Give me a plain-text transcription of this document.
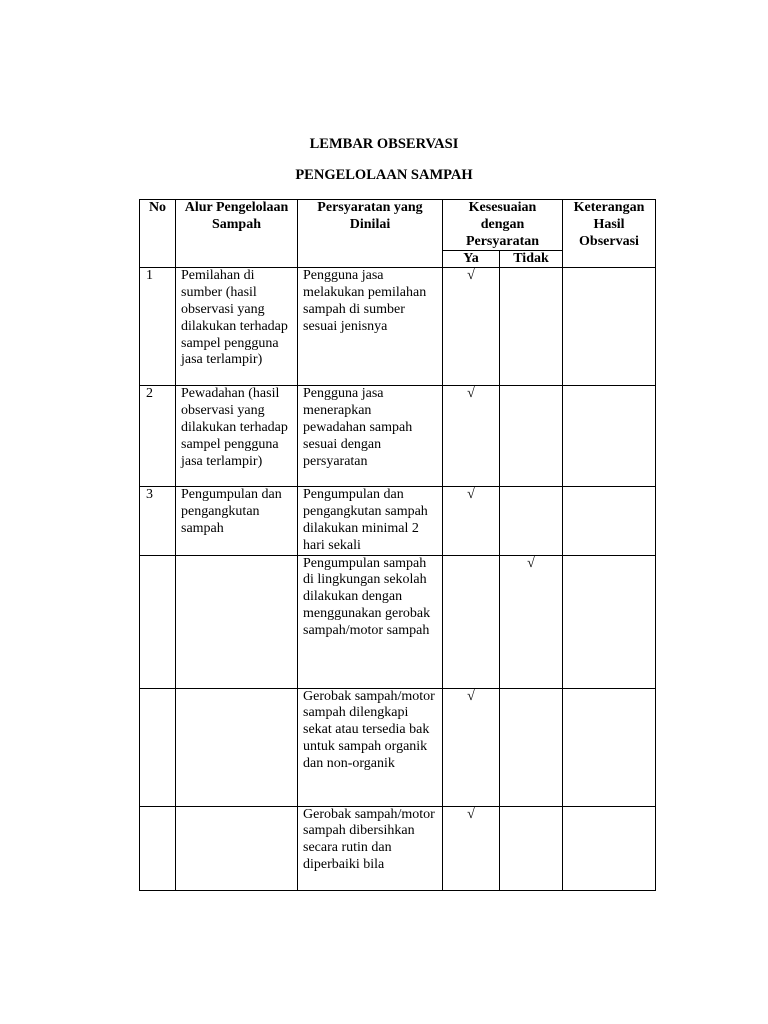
LEMBAR OBSERVASI
PENGELOLAAN SAMPAH
No	Alur Pengelolaan Sampah	Persyaratan yang Dinilai	Kesesuaian dengan Persyaratan		Keterangan Hasil Observasi
			Ya	Tidak	
1	Pemilahan di sumber (hasil observasi yang dilakukan terhadap sampel pengguna jasa terlampir)	Pengguna jasa melakukan pemilahan sampah di sumber sesuai jenisnya	√		
2	Pewadahan (hasil observasi yang dilakukan terhadap sampel pengguna jasa terlampir)	Pengguna jasa menerapkan pewadahan sampah sesuai dengan persyaratan	√		
3	Pengumpulan dan pengangkutan sampah	Pengumpulan dan pengangkutan sampah dilakukan minimal 2 hari sekali	√		
		Pengumpulan sampah di lingkungan sekolah dilakukan dengan menggunakan gerobak sampah/motor sampah		√	
		Gerobak sampah/motor sampah dilengkapi sekat atau tersedia bak untuk sampah organik dan non-organik	√		
		Gerobak sampah/motor sampah dibersihkan secara rutin dan diperbaiki bila	√		
